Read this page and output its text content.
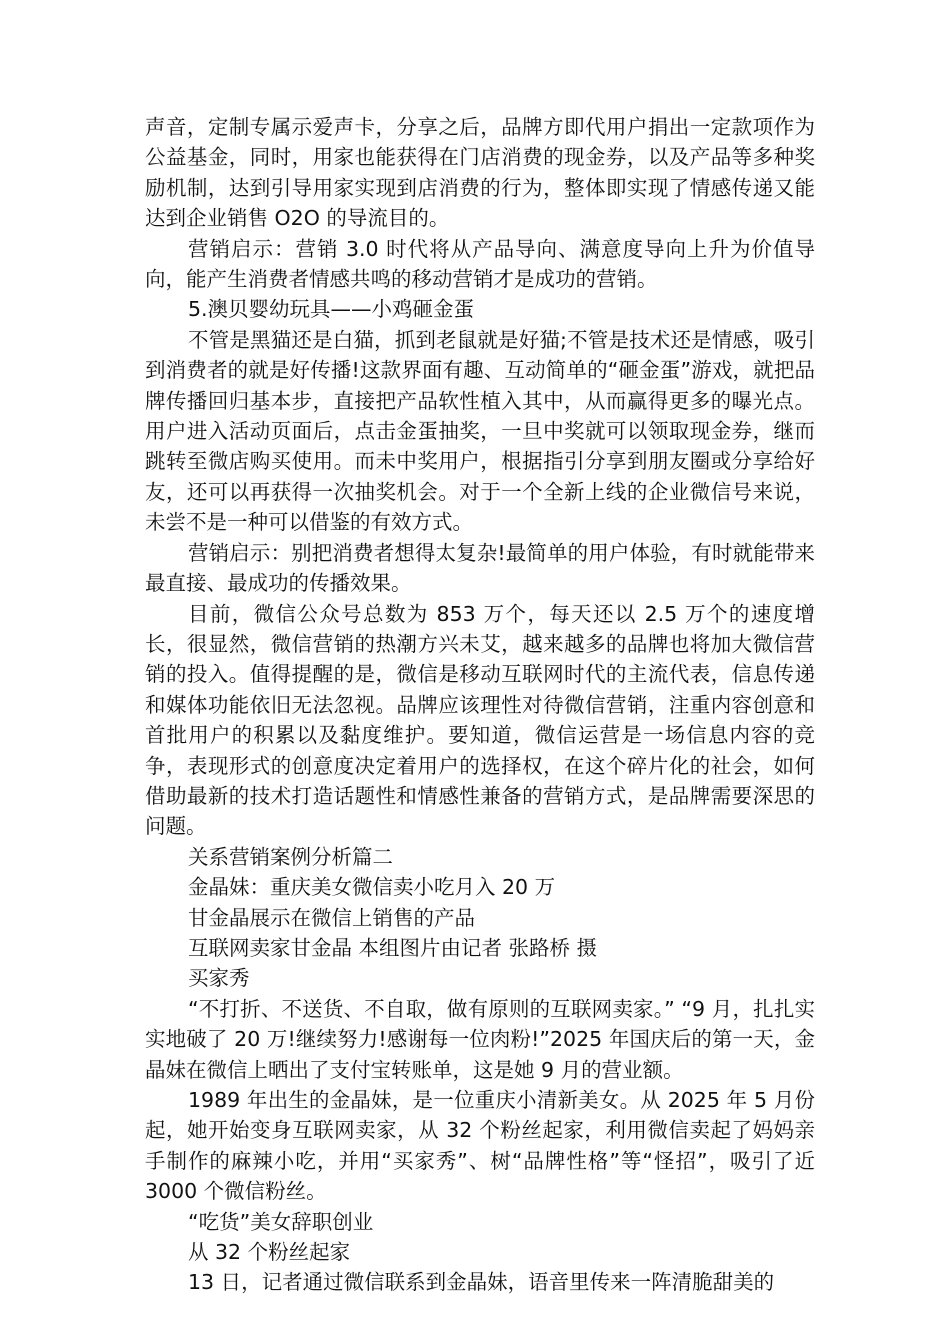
声音，定制专属示爱声卡，分享之后，品牌方即代用户捐出一定款项作为公益基金，同时，用家也能获得在门店消费的现金券，以及产品等多种奖励机制，达到引导用家实现到店消费的行为，整体即实现了情感传递又能达到企业销售 O2O 的导流目的。

营销启示：营销 3.0 时代将从产品导向、满意度导向上升为价值导向，能产生消费者情感共鸣的移动营销才是成功的营销。

5.澳贝婴幼玩具——小鸡砸金蛋

不管是黑猫还是白猫，抓到老鼠就是好猫;不管是技术还是情感，吸引到消费者的就是好传播!这款界面有趣、互动简单的“砸金蛋”游戏，就把品牌传播回归基本步，直接把产品软性植入其中，从而赢得更多的曝光点。用户进入活动页面后，点击金蛋抽奖，一旦中奖就可以领取现金券，继而跳转至微店购买使用。而未中奖用户，根据指引分享到朋友圈或分享给好友，还可以再获得一次抽奖机会。对于一个全新上线的企业微信号来说，未尝不是一种可以借鉴的有效方式。

营销启示：别把消费者想得太复杂!最简单的用户体验，有时就能带来最直接、最成功的传播效果。

目前，微信公众号总数为 853 万个，每天还以 2.5 万个的速度增长，很显然，微信营销的热潮方兴未艾，越来越多的品牌也将加大微信营销的投入。值得提醒的是，微信是移动互联网时代的主流代表，信息传递和媒体功能依旧无法忽视。品牌应该理性对待微信营销，注重内容创意和首批用户的积累以及黏度维护。要知道，微信运营是一场信息内容的竞争，表现形式的创意度决定着用户的选择权，在这个碎片化的社会，如何借助最新的技术打造话题性和情感性兼备的营销方式，是品牌需要深思的问题。

关系营销案例分析篇二

金晶妹：重庆美女微信卖小吃月入 20 万

甘金晶展示在微信上销售的产品

互联网卖家甘金晶 本组图片由记者 张路桥 摄

买家秀

“不打折、不送货、不自取，做有原则的互联网卖家。” “9 月，扎扎实实地破了 20 万!继续努力!感谢每一位肉粉!”2025 年国庆后的第一天，金晶妹在微信上晒出了支付宝转账单，这是她 9 月的营业额。

1989 年出生的金晶妹，是一位重庆小清新美女。从 2025 年 5 月份起，她开始变身互联网卖家，从 32 个粉丝起家，利用微信卖起了妈妈亲手制作的麻辣小吃，并用“买家秀”、树“品牌性格”等“怪招”，吸引了近 3000 个微信粉丝。

“吃货”美女辞职创业

从 32 个粉丝起家

13 日，记者通过微信联系到金晶妹，语音里传来一阵清脆甜美的
